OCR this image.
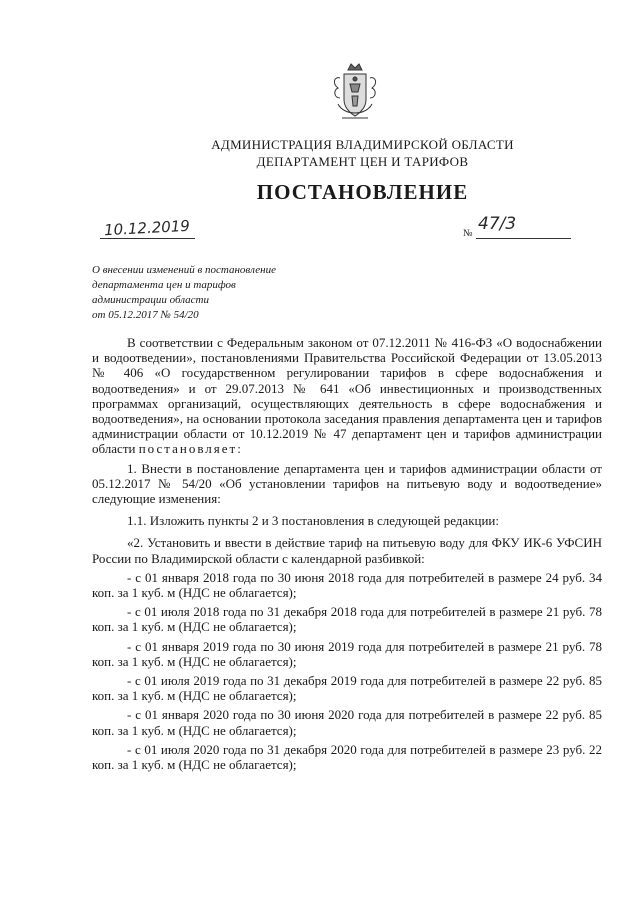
АДМИНИСТРАЦИЯ ВЛАДИМИРСКОЙ ОБЛАСТИ
ДЕПАРТАМЕНТ ЦЕН И ТАРИФОВ
ПОСТАНОВЛЕНИЕ
10.12.2019	№ 47/3
О внесении изменений в постановление
департамента цен и тарифов
администрации области
от 05.12.2017 № 54/20

В соответствии с Федеральным законом от 07.12.2011 № 416-ФЗ «О водоснабжении и водоотведении», постановлениями Правительства Российской Федерации от 13.05.2013 № 406 «О государственном регулировании тарифов в сфере водоснабжения и водоотведения» и от 29.07.2013 № 641 «Об инвестиционных и производственных программах организаций, осуществляющих деятельность в сфере водоснабжения и водоотведения», на основании протокола заседания правления департамента цен и тарифов администрации области от 10.12.2019 № 47 департамент цен и тарифов администрации области постановляет:

1. Внести в постановление департамента цен и тарифов администрации области от 05.12.2017 № 54/20 «Об установлении тарифов на питьевую воду и водоотведение» следующие изменения:

1.1. Изложить пункты 2 и 3 постановления в следующей редакции:

«2. Установить и ввести в действие тариф на питьевую воду для ФКУ ИК-6 УФСИН России по Владимирской области с календарной разбивкой:

- с 01 января 2018 года по 30 июня 2018 года для потребителей в размере 24 руб. 34 коп. за 1 куб. м (НДС не облагается);

- с 01 июля 2018 года по 31 декабря 2018 года для потребителей в размере 21 руб. 78 коп. за 1 куб. м (НДС не облагается);

- с 01 января 2019 года по 30 июня 2019 года для потребителей в размере 21 руб. 78 коп. за 1 куб. м (НДС не облагается);

- с 01 июля 2019 года по 31 декабря 2019 года для потребителей в размере 22 руб. 85 коп. за 1 куб. м (НДС не облагается);

- с 01 января 2020 года по 30 июня 2020 года для потребителей в размере 22 руб. 85 коп. за 1 куб. м (НДС не облагается);

- с 01 июля 2020 года по 31 декабря 2020 года для потребителей в размере 23 руб. 22 коп. за 1 куб. м (НДС не облагается);
